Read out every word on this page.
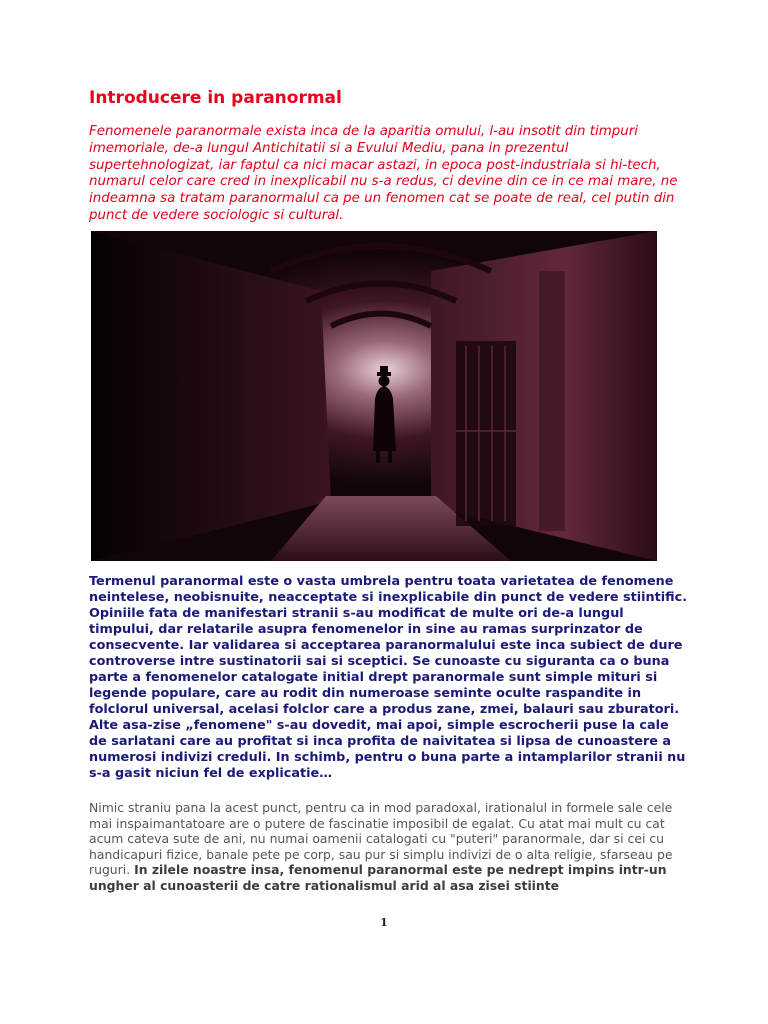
Introducere in paranormal

Fenomenele paranormale exista inca de la aparitia omului, l-au insotit din timpuri imemoriale, de-a lungul Antichitatii si a Evului Mediu, pana in prezentul supertehnologizat, iar faptul ca nici macar astazi, in epoca post-industriala si hi-tech, numarul celor care cred in inexplicabil nu s-a redus, ci devine din ce in ce mai mare, ne indeamna sa tratam paranormalul ca pe un fenomen cat se poate de real, cel putin din punct de vedere sociologic si cultural.

Termenul paranormal este o vasta umbrela pentru toata varietatea de fenomene neintelese, neobisnuite, neacceptate si inexplicabile din punct de vedere stiintific. Opiniile fata de manifestari stranii s-au modificat de multe ori de-a lungul timpului, dar relatarile asupra fenomenelor in sine au ramas surprinzator de consecvente. Iar validarea si acceptarea paranormalului este inca subiect de dure controverse intre sustinatorii sai si sceptici. Se cunoaste cu siguranta ca o buna parte a fenomenelor catalogate initial drept paranormale sunt simple mituri si legende populare, care au rodit din numeroase seminte oculte raspandite in folclorul universal, acelasi folclor care a produs zane, zmei, balauri sau zburatori. Alte asa-zise „fenomene" s-au dovedit, mai apoi, simple escrocherii puse la cale de sarlatani care au profitat si inca profita de naivitatea si lipsa de cunoastere a numerosi indivizi creduli. In schimb, pentru o buna parte a intamplarilor stranii nu s-a gasit niciun fel de explicatie…

Nimic straniu pana la acest punct, pentru ca in mod paradoxal, irationalul in formele sale cele mai inspaimantatoare are o putere de fascinatie imposibil de egalat. Cu atat mai mult cu cat acum cateva sute de ani, nu numai oamenii catalogati cu "puteri" paranormale, dar si cei cu handicapuri fizice, banale pete pe corp, sau pur si simplu indivizi de o alta religie, sfarseau pe ruguri. In zilele noastre insa, fenomenul paranormal este pe nedrept impins intr-un ungher al cunoasterii de catre rationalismul arid al asa zisei stiinte

1
